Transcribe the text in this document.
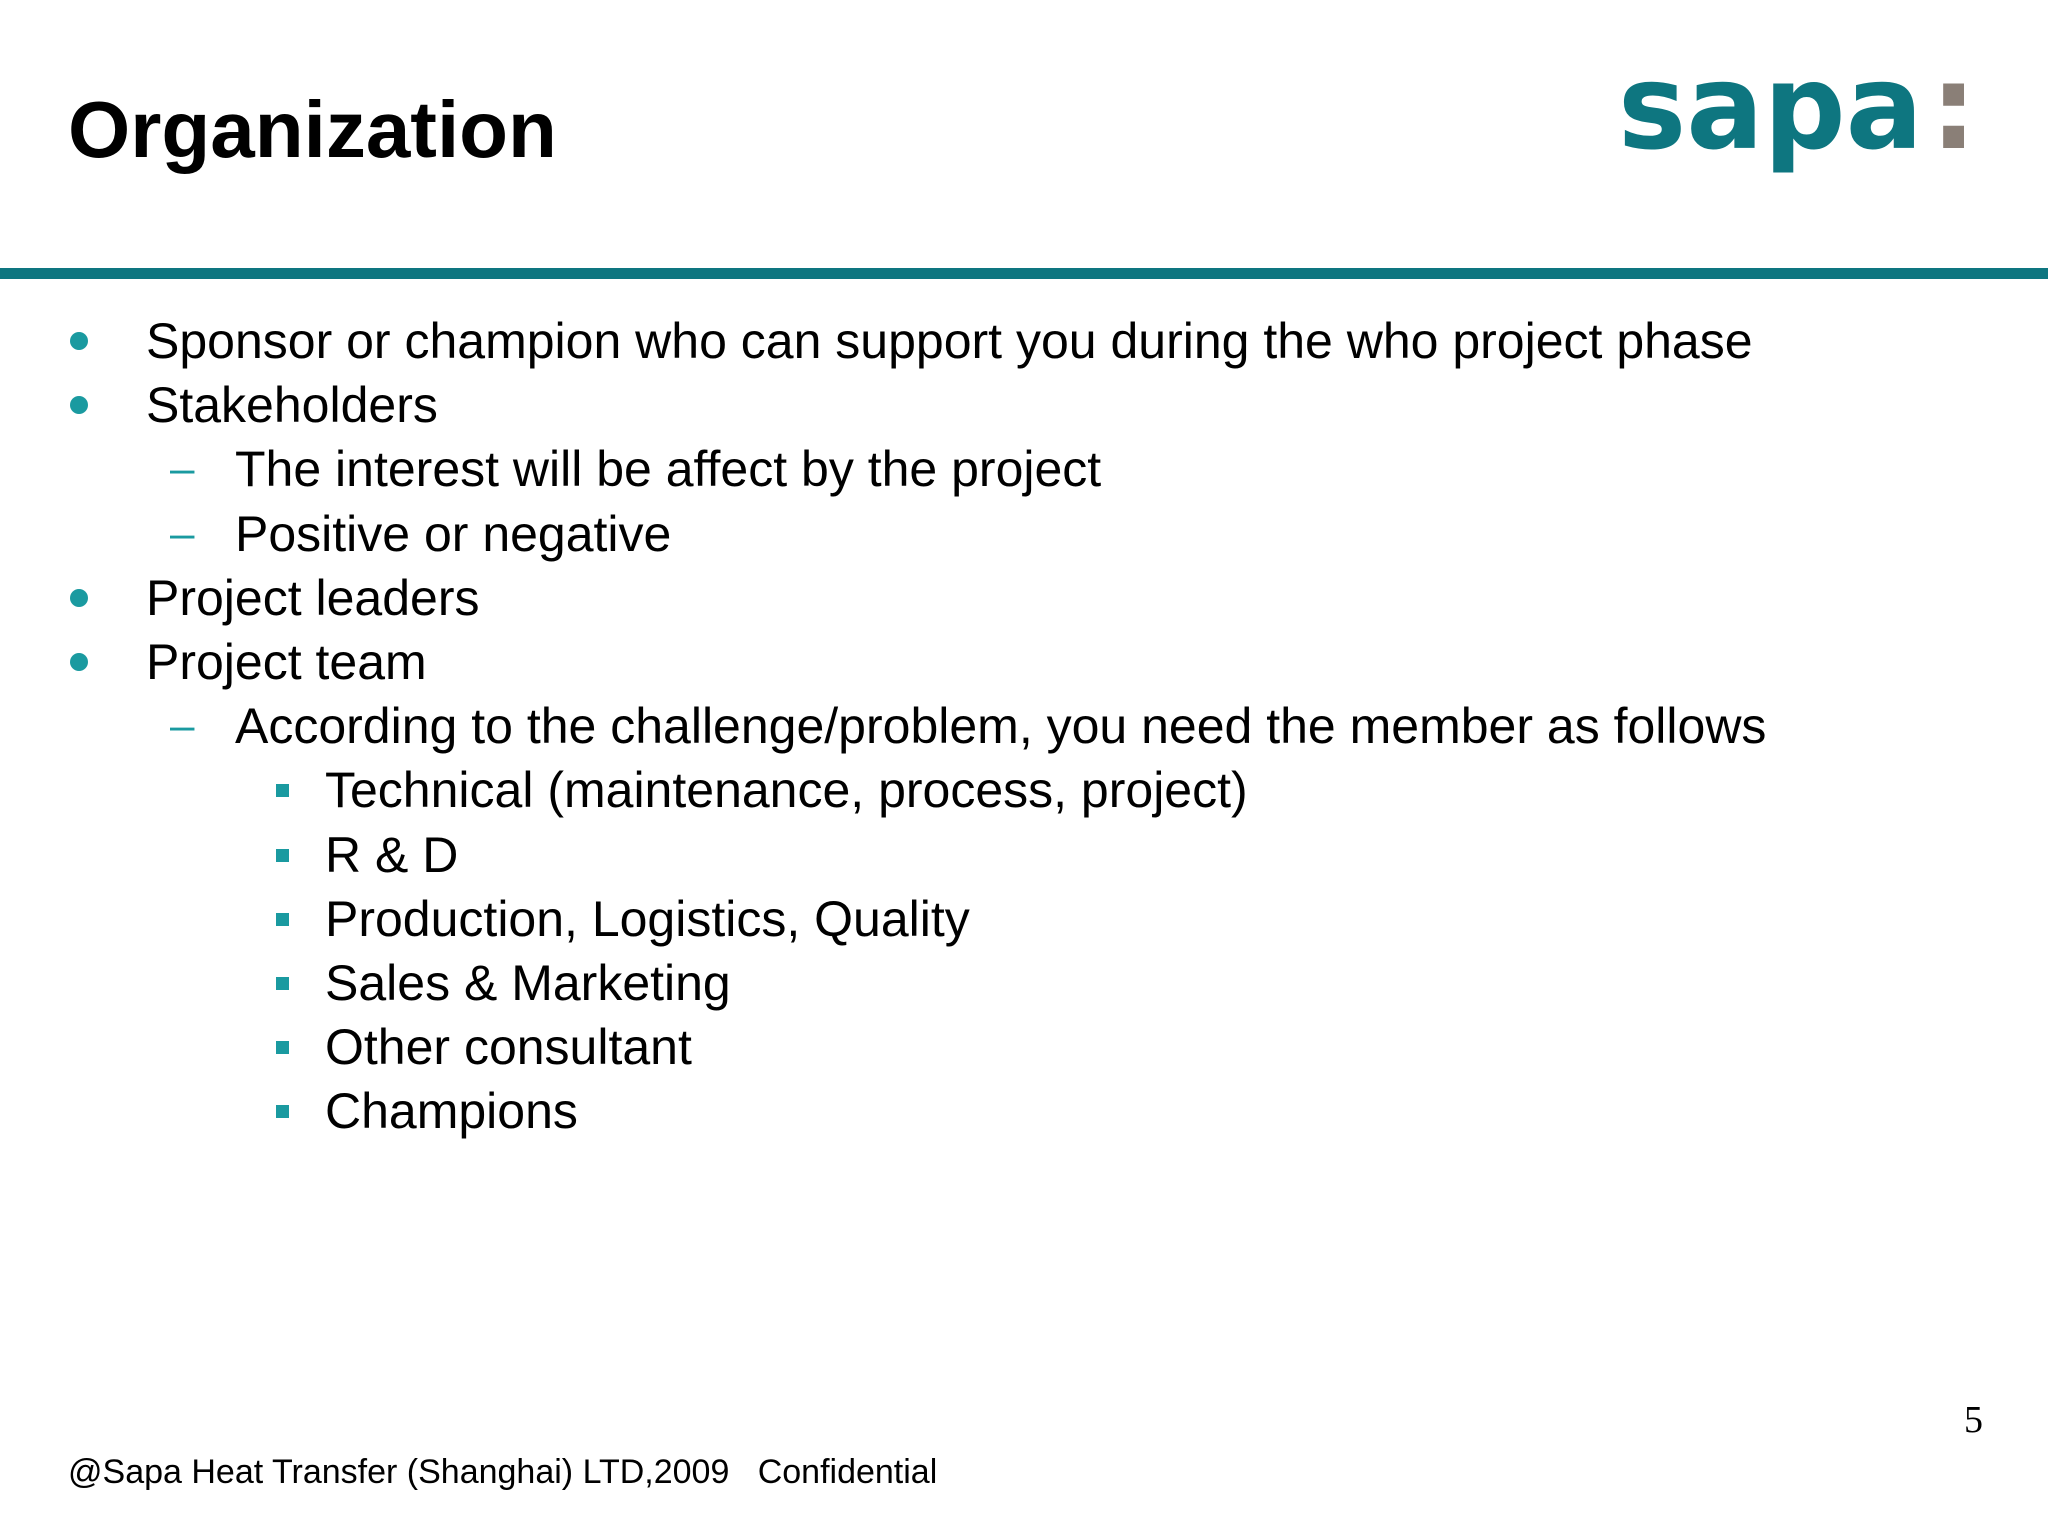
Organization	sapa :
Sponsor or champion who can support you during the who project phase
Stakeholders
– The interest will be affect by the project
– Positive or negative
Project leaders
Project team
– According to the challenge/problem, you need the member as follows
Technical (maintenance, process, project)
R & D
Production, Logistics, Quality
Sales & Marketing
Other consultant
Champions
@Sapa Heat Transfer (Shanghai) LTD,2009   Confidential
5
